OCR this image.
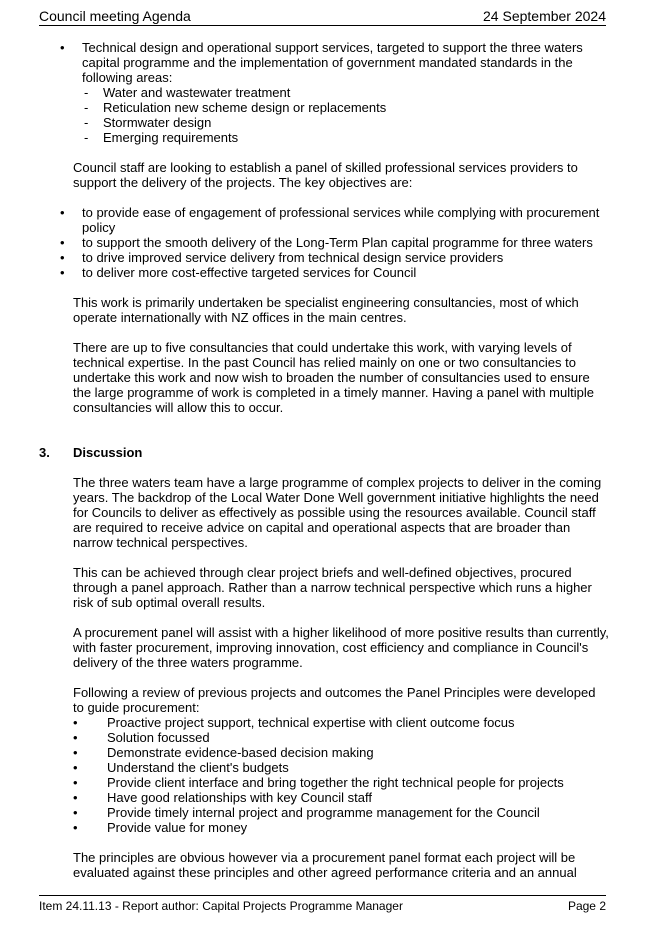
Council meeting Agenda	24 September 2024
• Technical design and operational support services, targeted to support the three waters capital programme and the implementation of government mandated standards in the following areas:
- Water and wastewater treatment
- Reticulation new scheme design or replacements
- Stormwater design
- Emerging requirements
Council staff are looking to establish a panel of skilled professional services providers to support the delivery of the projects. The key objectives are:
• to provide ease of engagement of professional services while complying with procurement policy
• to support the smooth delivery of the Long-Term Plan capital programme for three waters
• to drive improved service delivery from technical design service providers
• to deliver more cost-effective targeted services for Council
This work is primarily undertaken be specialist engineering consultancies, most of which operate internationally with NZ offices in the main centres.
There are up to five consultancies that could undertake this work, with varying levels of technical expertise. In the past Council has relied mainly on one or two consultancies to undertake this work and now wish to broaden the number of consultancies used to ensure the large programme of work is completed in a timely manner. Having a panel with multiple consultancies will allow this to occur.
3. Discussion
The three waters team have a large programme of complex projects to deliver in the coming years. The backdrop of the Local Water Done Well government initiative highlights the need for Councils to deliver as effectively as possible using the resources available. Council staff are required to receive advice on capital and operational aspects that are broader than narrow technical perspectives.
This can be achieved through clear project briefs and well-defined objectives, procured through a panel approach. Rather than a narrow technical perspective which runs a higher risk of sub optimal overall results.
A procurement panel will assist with a higher likelihood of more positive results than currently, with faster procurement, improving innovation, cost efficiency and compliance in Council's delivery of the three waters programme.
Following a review of previous projects and outcomes the Panel Principles were developed to guide procurement:
• Proactive project support, technical expertise with client outcome focus
• Solution focussed
• Demonstrate evidence-based decision making
• Understand the client's budgets
• Provide client interface and bring together the right technical people for projects
• Have good relationships with key Council staff
• Provide timely internal project and programme management for the Council
• Provide value for money
The principles are obvious however via a procurement panel format each project will be evaluated against these principles and other agreed performance criteria and an annual
Item 24.11.13 - Report author: Capital Projects Programme Manager	Page 2
